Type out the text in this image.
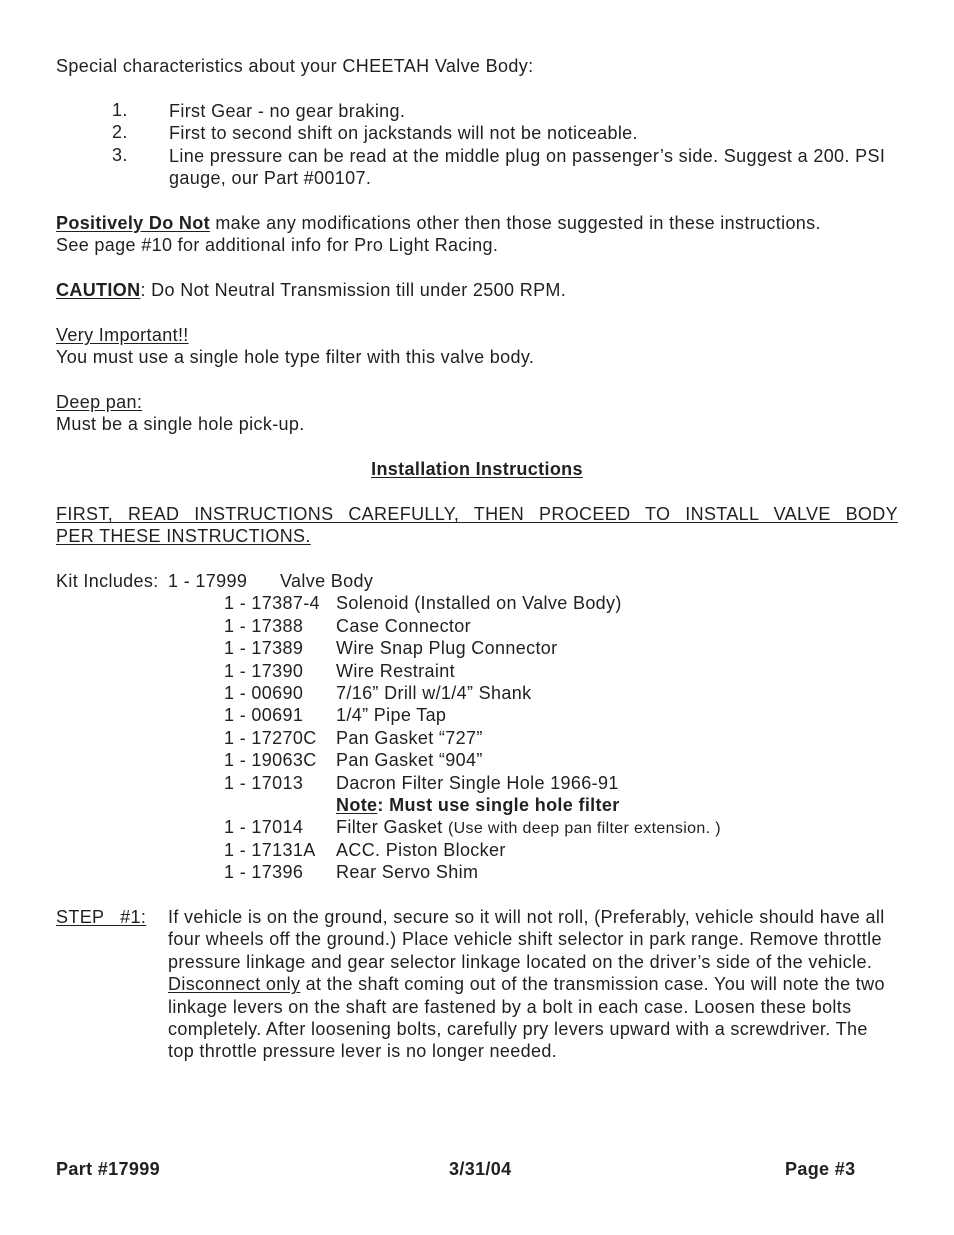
Special characteristics about your CHEETAH Valve Body:
1.	First Gear - no gear braking.
2.	First to second shift on jackstands will not be noticeable.
3.	Line pressure can be read at the middle plug on passenger’s side. Suggest a 200. PSI gauge, our Part #00107.
Positively Do Not make any modifications other then those suggested in these instructions.
See page #10 for additional info for Pro Light Racing.
CAUTION: Do Not Neutral Transmission till under 2500 RPM.
Very Important!!
You must use a single hole type filter with this valve body.
Deep pan:
Must be a single hole pick-up.
Installation Instructions
FIRST, READ INSTRUCTIONS CAREFULLY, THEN PROCEED TO INSTALL VALVE BODY
PER THESE INSTRUCTIONS.
Kit Includes: 1 - 17999	Valve Body
1 - 17387-4 Solenoid (Installed on Valve Body)
1 - 17388	Case Connector
1 - 17389	Wire Snap Plug Connector
1 - 17390	Wire Restraint
1 - 00690	7/16” Drill w/1/4” Shank
1 - 00691	1/4” Pipe Tap
1 - 17270C	Pan Gasket “727”
1 - 19063C	Pan Gasket “904”
1 - 17013	Dacron Filter Single Hole 1966-91
Note: Must use single hole filter
1 - 17014	Filter Gasket (Use with deep pan filter extension. )
1 - 17131A	ACC. Piston Blocker
1 - 17396	Rear Servo Shim
STEP   #1:	If vehicle is on the ground, secure so it will not roll, (Preferably, vehicle should have all four wheels off the ground.) Place vehicle shift selector in park range. Remove throttle pressure linkage and gear selector linkage located on the driver’s side of the vehicle. Disconnect only at the shaft coming out of the transmission case. You will note the two linkage levers on the shaft are fastened by a bolt in each case. Loosen these bolts completely. After loosening bolts, carefully pry levers upward with a screwdriver. The top throttle pressure lever is no longer needed.
Part #17999	3/31/04	Page #3
